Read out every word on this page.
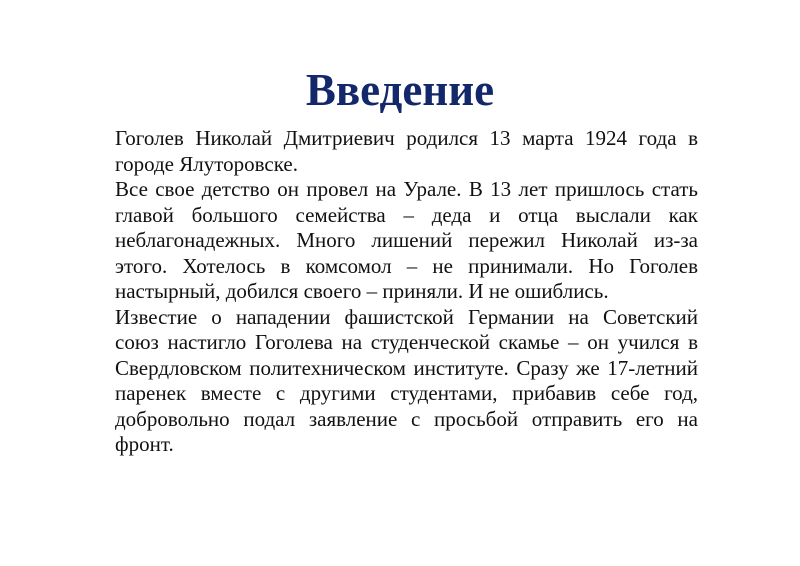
Введение
Гоголев Николай Дмитриевич родился 13 марта 1924 года в
городе Ялуторовске.
Все свое детство он провел на Урале. В 13 лет пришлось стать
главой большого семейства – деда и отца выслали как
неблагонадежных. Много лишений пережил Николай из-за
этого. Хотелось в комсомол – не принимали. Но Гоголев
настырный, добился своего – приняли. И не ошиблись.
Известие о нападении фашистской Германии на Советский
союз настигло Гоголева на студенческой скамье – он учился в
Свердловском политехническом институте. Сразу же 17-летний
паренек вместе с другими студентами, прибавив себе год,
добровольно подал заявление с просьбой отправить его на
фронт.
